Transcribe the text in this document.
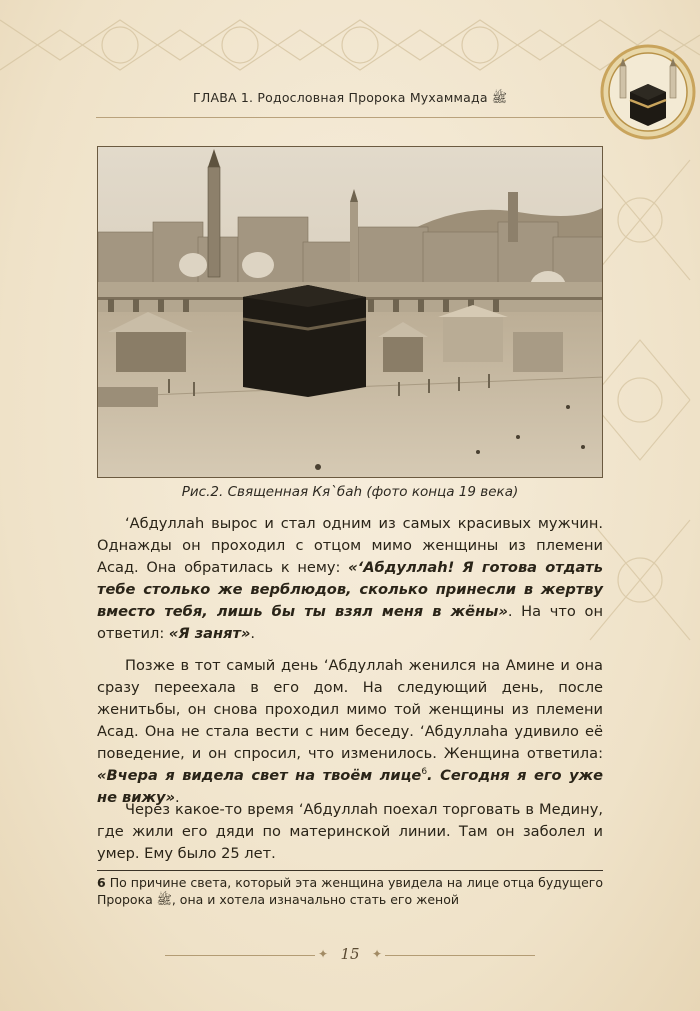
ГЛАВА 1. Родословная Пророка Мухаммада ﷺ
Рис.2. Священная Кя`бah (фото конца 19 века)
‘Абдуллаh вырос и стал одним из самых красивых мужчин. Однажды он проходил с отцом мимо женщины из племени Асад. Она обратилась к нему: «‘Абдуллаh! Я готова отдать тебе столько же верблюдов, сколько принесли в жертву вместо тебя, лишь бы ты взял меня в жёны». На что он ответил: «Я занят».
Позже в тот самый день ‘Абдуллаh женился на Амине и она сразу переехала в его дом. На следующий день, после женитьбы, он снова проходил мимо той женщины из племени Асад. Она не стала вести с ним беседу. ‘Абдуллаhа удивило её поведение, и он спросил, что изменилось. Женщина ответила: «Вчера я видела свет на твоём лице$^6$. Сегодня я его уже не вижу».
Через какое-то время ‘Абдуллаh поехал торговать в Медину, где жили его дяди по материнской линии. Там он заболел и умер. Ему было 25 лет.
6 По причине света, который эта женщина увидела на лице отца будущего Пророка ﷺ, она и хотела изначально стать его женой
✦ 15	✦
